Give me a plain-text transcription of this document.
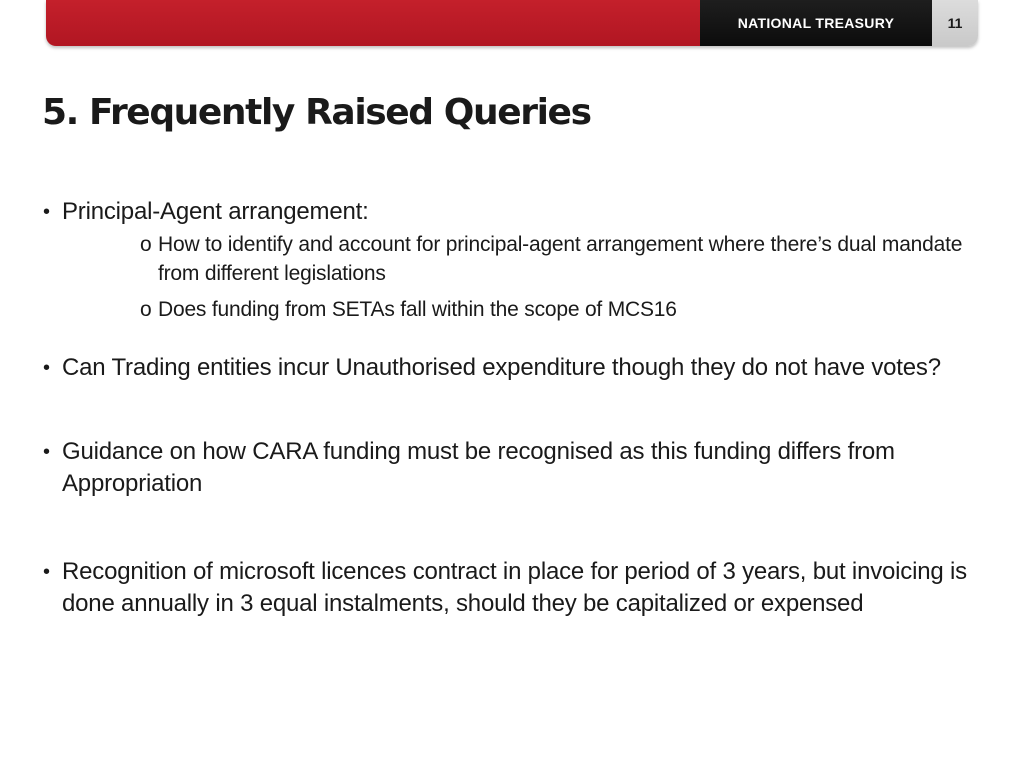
NATIONAL TREASURY	11
5. Frequently Raised Queries
• Principal-Agent arrangement:
o How to identify and account for principal-agent arrangement where there’s dual mandate from different legislations
o Does funding from SETAs fall within the scope of MCS16
• Can Trading entities incur Unauthorised expenditure though they do not have votes?
• Guidance on how CARA funding must be recognised as this funding differs from Appropriation
• Recognition of microsoft licences contract in place for period of 3 years, but invoicing is done annually in 3 equal instalments, should they be capitalized or expensed
